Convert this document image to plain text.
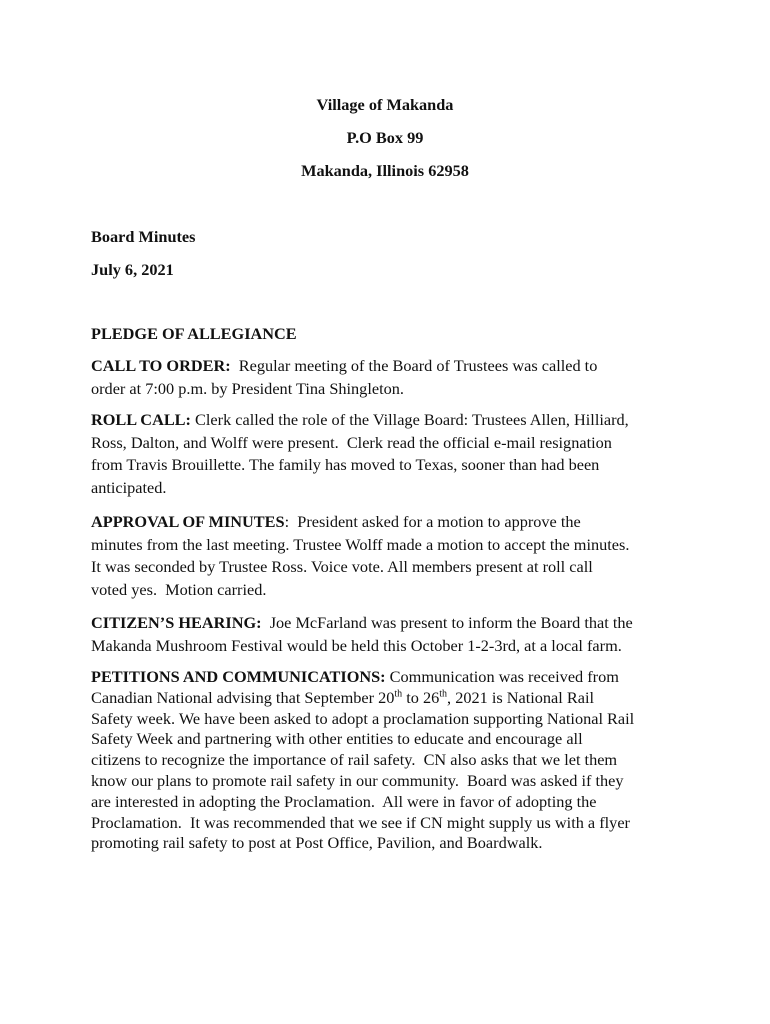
Village of Makanda
P.O Box 99
Makanda, Illinois 62958
Board Minutes
July 6, 2021
PLEDGE OF ALLEGIANCE
CALL TO ORDER:  Regular meeting of the Board of Trustees was called to
order at 7:00 p.m. by President Tina Shingleton.
ROLL CALL: Clerk called the role of the Village Board: Trustees Allen, Hilliard,
Ross, Dalton, and Wolff were present.  Clerk read the official e-mail resignation
from Travis Brouillette. The family has moved to Texas, sooner than had been
anticipated.
APPROVAL OF MINUTES:  President asked for a motion to approve the
minutes from the last meeting. Trustee Wolff made a motion to accept the minutes.
It was seconded by Trustee Ross. Voice vote. All members present at roll call
voted yes.  Motion carried.
CITIZEN’S HEARING:  Joe McFarland was present to inform the Board that the
Makanda Mushroom Festival would be held this October 1-2-3rd, at a local farm.
PETITIONS AND COMMUNICATIONS: Communication was received from
Canadian National advising that September 20th to 26th, 2021 is National Rail
Safety week. We have been asked to adopt a proclamation supporting National Rail
Safety Week and partnering with other entities to educate and encourage all
citizens to recognize the importance of rail safety.  CN also asks that we let them
know our plans to promote rail safety in our community.  Board was asked if they
are interested in adopting the Proclamation.  All were in favor of adopting the
Proclamation.  It was recommended that we see if CN might supply us with a flyer
promoting rail safety to post at Post Office, Pavilion, and Boardwalk.
